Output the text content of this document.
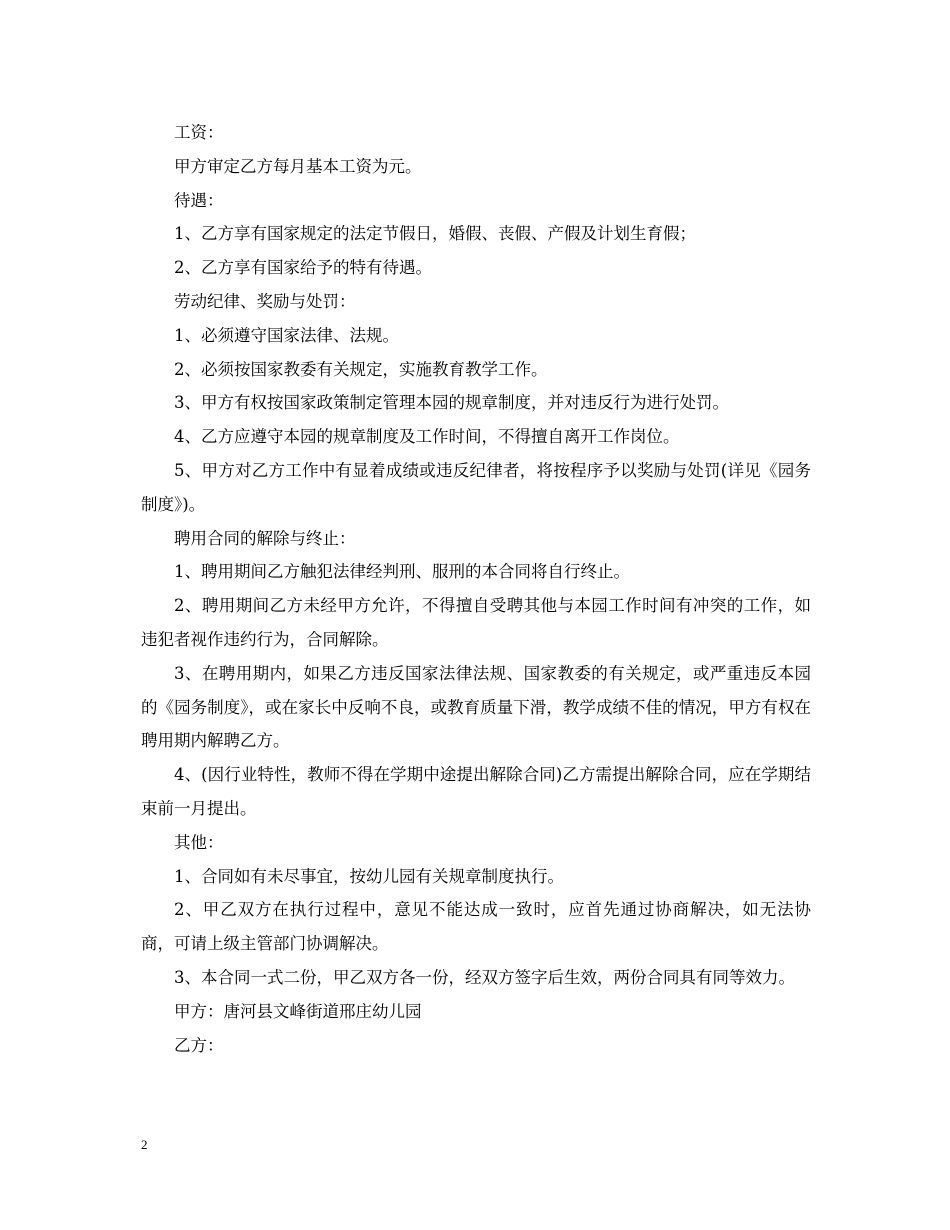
工资：

甲方审定乙方每月基本工资为元。

待遇：

1、乙方享有国家规定的法定节假日，婚假、丧假、产假及计划生育假；

2、乙方享有国家给予的特有待遇。

劳动纪律、奖励与处罚：

1、必须遵守国家法律、法规。

2、必须按国家教委有关规定，实施教育教学工作。

3、甲方有权按国家政策制定管理本园的规章制度，并对违反行为进行处罚。

4、乙方应遵守本园的规章制度及工作时间，不得擅自离开工作岗位。

5、甲方对乙方工作中有显着成绩或违反纪律者，将按程序予以奖励与处罚(详见《园务制度》)。

聘用合同的解除与终止：

1、聘用期间乙方触犯法律经判刑、服刑的本合同将自行终止。

2、聘用期间乙方未经甲方允许，不得擅自受聘其他与本园工作时间有冲突的工作，如违犯者视作违约行为，合同解除。

3、在聘用期内，如果乙方违反国家法律法规、国家教委的有关规定，或严重违反本园的《园务制度》，或在家长中反响不良，或教育质量下滑，教学成绩不佳的情况，甲方有权在聘用期内解聘乙方。

4、(因行业特性，教师不得在学期中途提出解除合同)乙方需提出解除合同，应在学期结束前一月提出。

其他：

1、合同如有未尽事宜，按幼儿园有关规章制度执行。

2、甲乙双方在执行过程中，意见不能达成一致时，应首先通过协商解决，如无法协商，可请上级主管部门协调解决。

3、本合同一式二份，甲乙双方各一份，经双方签字后生效，两份合同具有同等效力。

甲方：唐河县文峰街道邢庄幼儿园

乙方：

2
